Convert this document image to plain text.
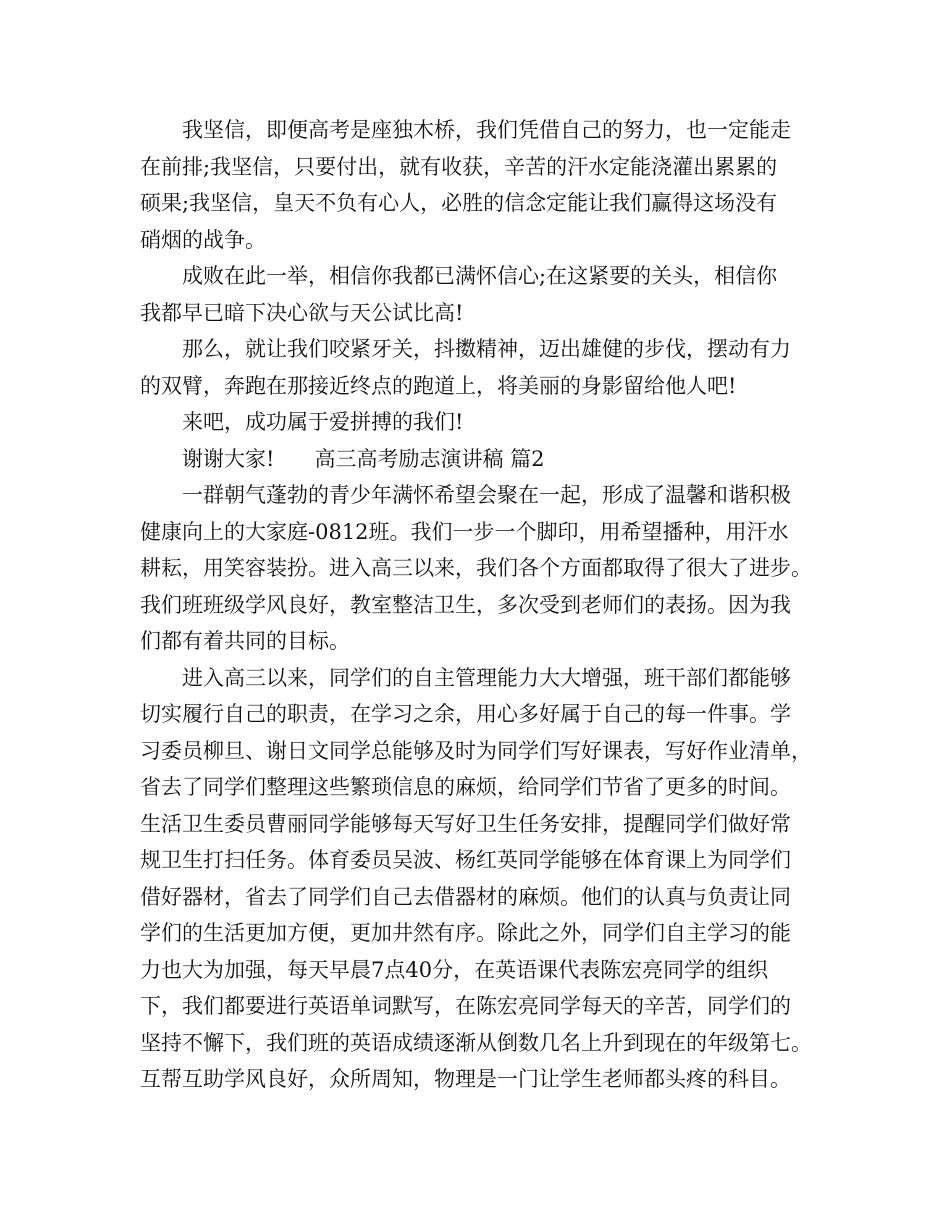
我坚信，即便高考是座独木桥，我们凭借自己的努力，也一定能走
在前排;我坚信，只要付出，就有收获，辛苦的汗水定能浇灌出累累的
硕果;我坚信，皇天不负有心人，必胜的信念定能让我们赢得这场没有
硝烟的战争。
成败在此一举，相信你我都已满怀信心;在这紧要的关头，相信你
我都早已暗下决心欲与天公试比高!
那么，就让我们咬紧牙关，抖擞精神，迈出雄健的步伐，摆动有力
的双臂，奔跑在那接近终点的跑道上，将美丽的身影留给他人吧!
来吧，成功属于爱拼搏的我们!
谢谢大家! 高三高考励志演讲稿 篇2
一群朝气蓬勃的青少年满怀希望会聚在一起，形成了温馨和谐积极
健康向上的大家庭-0812班。我们一步一个脚印，用希望播种，用汗水
耕耘，用笑容装扮。进入高三以来，我们各个方面都取得了很大了进步。
我们班班级学风良好，教室整洁卫生，多次受到老师们的表扬。因为我
们都有着共同的目标。
进入高三以来，同学们的自主管理能力大大增强，班干部们都能够
切实履行自己的职责，在学习之余，用心多好属于自己的每一件事。学
习委员柳旦、谢日文同学总能够及时为同学们写好课表，写好作业清单，
省去了同学们整理这些繁琐信息的麻烦，给同学们节省了更多的时间。
生活卫生委员曹丽同学能够每天写好卫生任务安排，提醒同学们做好常
规卫生打扫任务。体育委员吴波、杨红英同学能够在体育课上为同学们
借好器材，省去了同学们自己去借器材的麻烦。他们的认真与负责让同
学们的生活更加方便，更加井然有序。除此之外，同学们自主学习的能
力也大为加强，每天早晨7点40分，在英语课代表陈宏亮同学的组织
下，我们都要进行英语单词默写，在陈宏亮同学每天的辛苦，同学们的
坚持不懈下，我们班的英语成绩逐渐从倒数几名上升到现在的年级第七。
互帮互助学风良好，众所周知，物理是一门让学生老师都头疼的科目。
